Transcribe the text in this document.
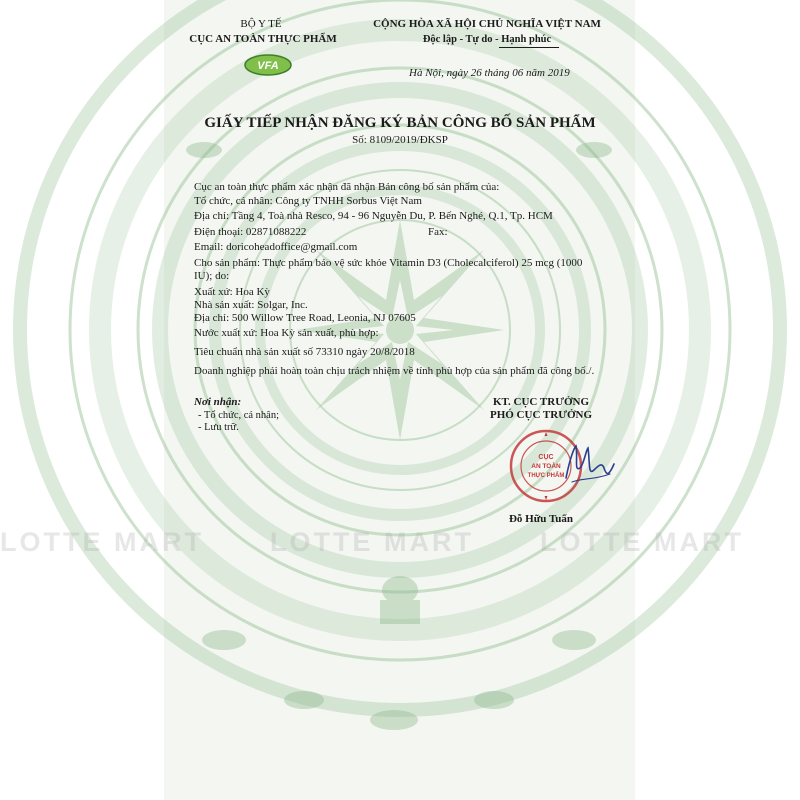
LOTTE MART LOTTE MART LOTTE MART
BỘ Y TẾ
CỤC AN TOÀN THỰC PHẨM
VFA
CỘNG HÒA XÃ HỘI CHỦ NGHĨA VIỆT NAM
Độc lập - Tự do - Hạnh phúc
Hà Nội, ngày 26 tháng 06 năm 2019
GIẤY TIẾP NHẬN ĐĂNG KÝ BẢN CÔNG BỐ SẢN PHẨM
Số: 8109/2019/ĐKSP
Cục an toàn thực phẩm xác nhận đã nhận Bản công bố sản phẩm của:
Tổ chức, cá nhân: Công ty TNHH Sorbus Việt Nam
Địa chỉ: Tầng 4, Toà nhà Resco, 94 - 96 Nguyễn Du, P. Bến Nghé, Q.1, Tp. HCM
Điện thoại: 02871088222	Fax:
Email: doricoheadoffice@gmail.com
Cho sản phẩm: Thực phẩm bảo vệ sức khỏe Vitamin D3 (Cholecalciferol) 25 mcg (1000
IU); do:
Xuất xứ: Hoa Kỳ
Nhà sản xuất: Solgar, Inc.
Địa chỉ: 500 Willow Tree Road, Leonia, NJ 07605
Nước xuất xứ: Hoa Kỳ sản xuất, phù hợp:
Tiêu chuẩn nhà sản xuất số 73310 ngày 20/8/2018
Doanh nghiệp phải hoàn toàn chịu trách nhiệm về tính phù hợp của sản phẩm đã công bố./.
Nơi nhận:
- Tổ chức, cá nhân;
- Lưu trữ.
KT. CỤC TRƯỞNG
PHÓ CỤC TRƯỞNG
CỤC
AN TOÀN
THỰC PHẨM
Đỗ Hữu Tuấn
